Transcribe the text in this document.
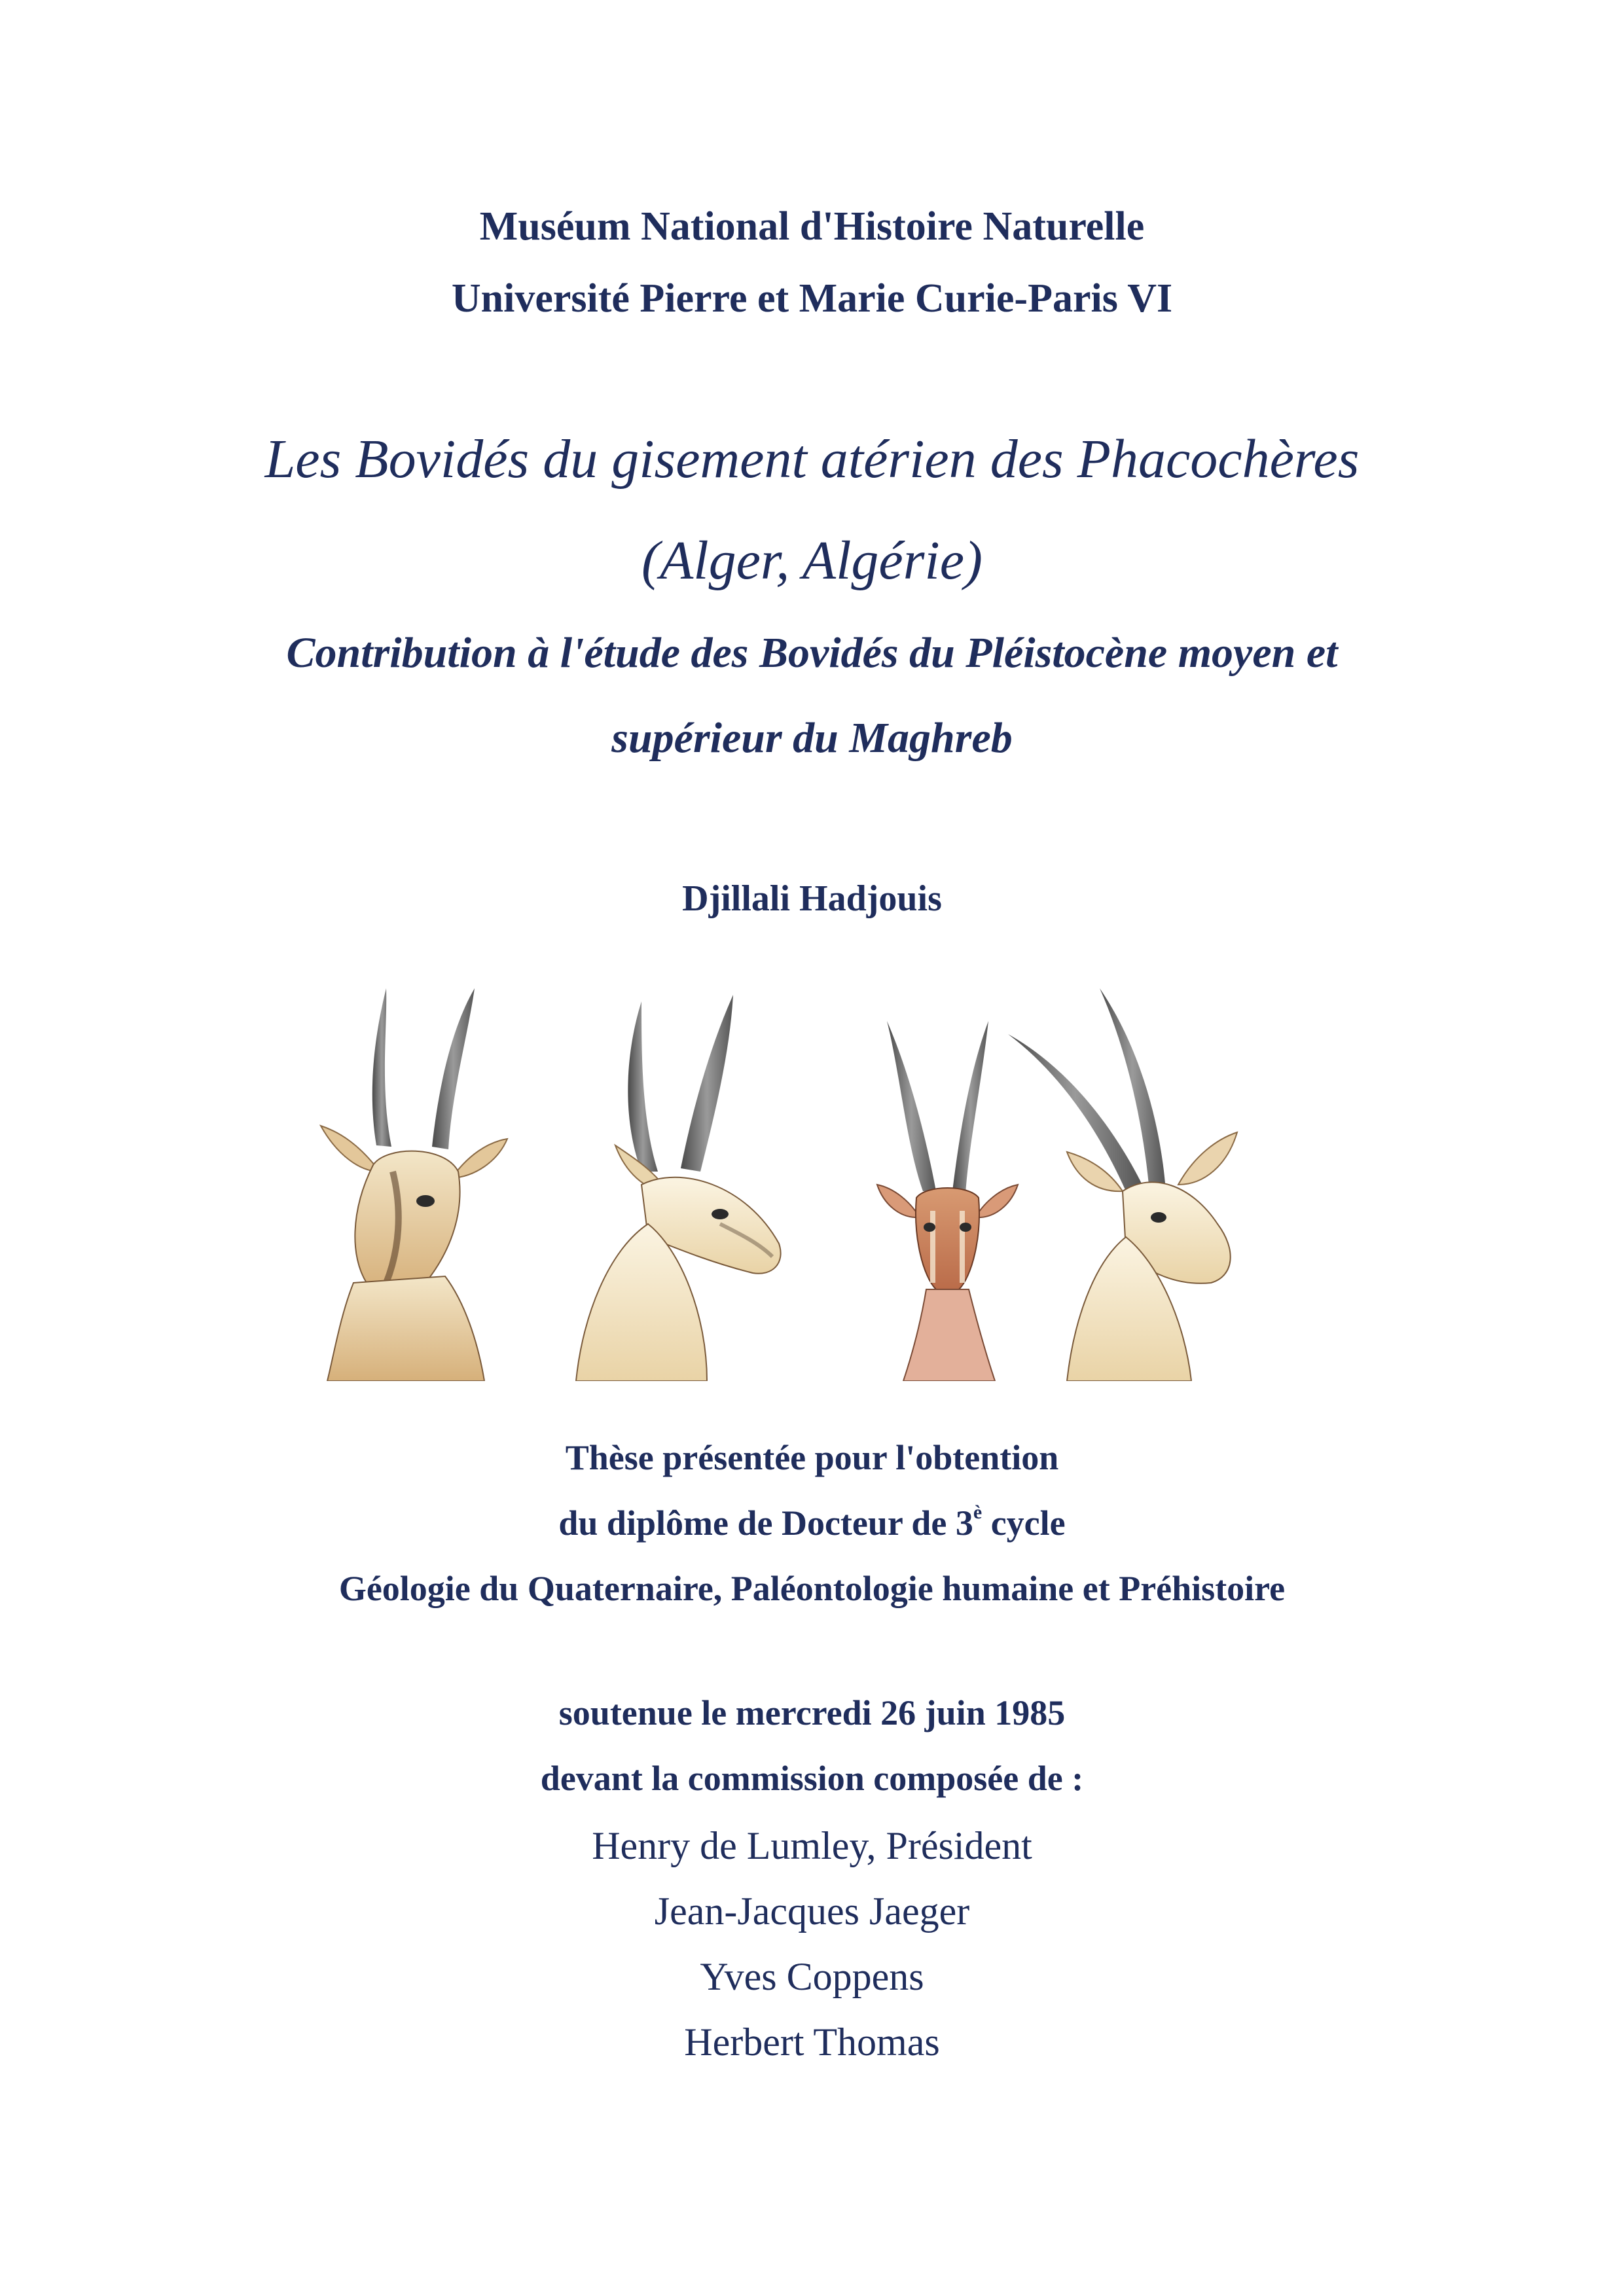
Muséum National d'Histoire Naturelle
Université Pierre et Marie Curie-Paris VI
Les Bovidés du gisement atérien des Phacochères
(Alger, Algérie)
Contribution à l'étude des Bovidés du Pléistocène moyen et
supérieur du Maghreb
Djillali Hadjouis
Thèse présentée pour l'obtention
du diplôme de Docteur de $3^è$ cycle
Géologie du Quaternaire, Paléontologie humaine et Préhistoire
soutenue le mercredi 26 juin 1985
devant la commission composée de :
Henry de Lumley, Président
Jean-Jacques Jaeger
Yves Coppens
Herbert Thomas
